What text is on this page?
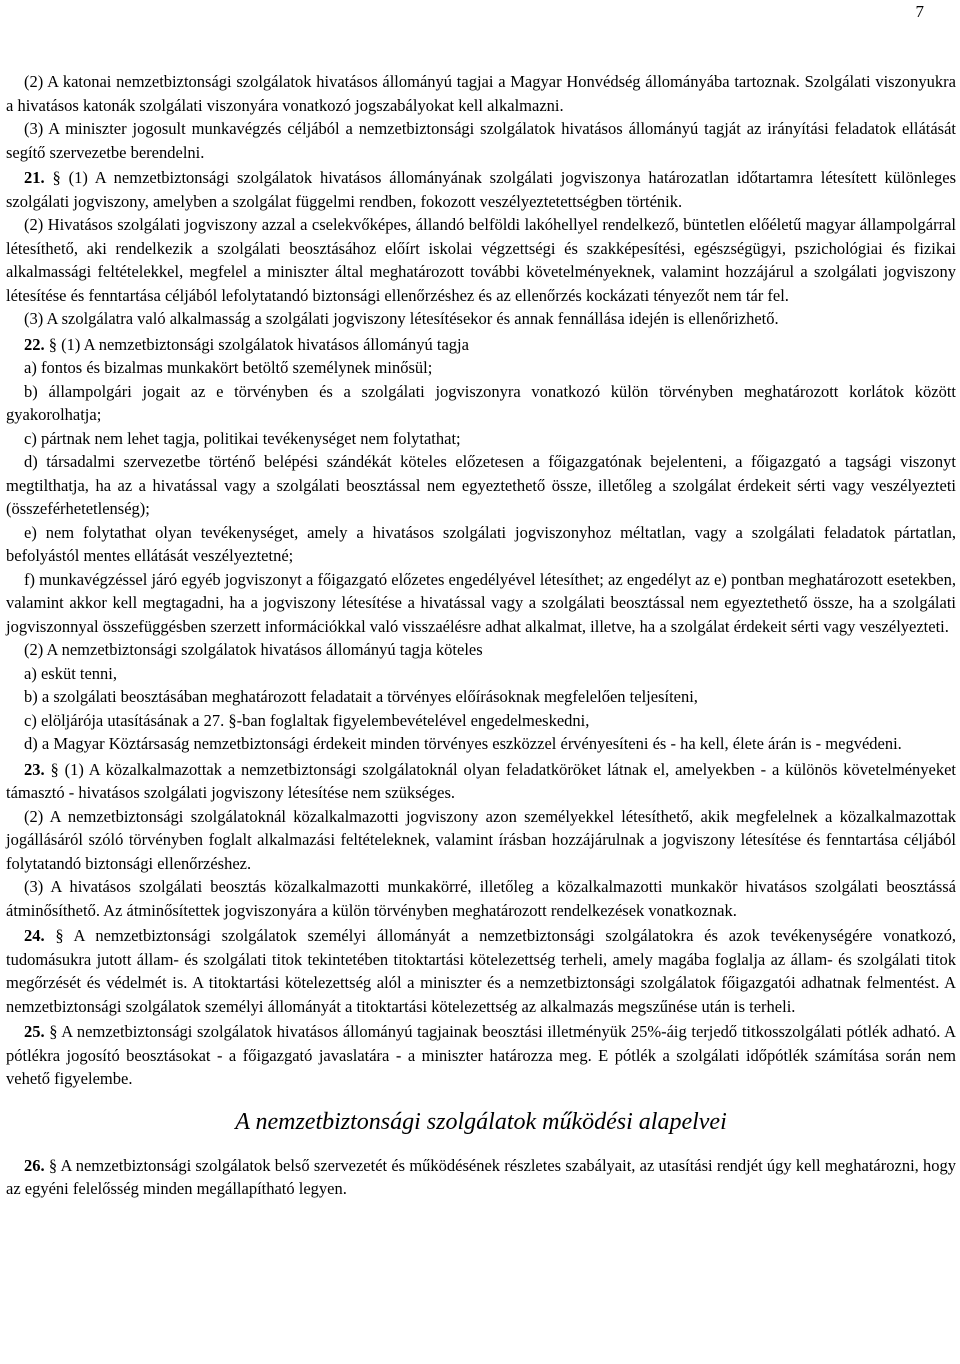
7

(2) A katonai nemzetbiztonsági szolgálatok hivatásos állományú tagjai a Magyar Honvédség állományába tartoznak. Szolgálati viszonyukra a hivatásos katonák szolgálati viszonyára vonatkozó jogszabályokat kell alkalmazni.

(3) A miniszter jogosult munkavégzés céljából a nemzetbiztonsági szolgálatok hivatásos állományú tagját az irányítási feladatok ellátását segítő szervezetbe berendelni.

21. § (1) A nemzetbiztonsági szolgálatok hivatásos állományának szolgálati jogviszonya határozatlan időtartamra létesített különleges szolgálati jogviszony, amelyben a szolgálat függelmi rendben, fokozott veszélyeztetettségben történik.

(2) Hivatásos szolgálati jogviszony azzal a cselekvőképes, állandó belföldi lakóhellyel rendelkező, büntetlen előéletű magyar állampolgárral létesíthető, aki rendelkezik a szolgálati beosztásához előírt iskolai végzettségi és szakképesítési, egészségügyi, pszichológiai és fizikai alkalmassági feltételekkel, megfelel a miniszter által meghatározott további követelményeknek, valamint hozzájárul a szolgálati jogviszony létesítése és fenntartása céljából lefolytatandó biztonsági ellenőrzéshez és az ellenőrzés kockázati tényezőt nem tár fel.

(3) A szolgálatra való alkalmasság a szolgálati jogviszony létesítésekor és annak fennállása idején is ellenőrizhető.

22. § (1) A nemzetbiztonsági szolgálatok hivatásos állományú tagja

a) fontos és bizalmas munkakört betöltő személynek minősül;

b) állampolgári jogait az e törvényben és a szolgálati jogviszonyra vonatkozó külön törvényben meghatározott korlátok között gyakorolhatja;

c) pártnak nem lehet tagja, politikai tevékenységet nem folytathat;

d) társadalmi szervezetbe történő belépési szándékát köteles előzetesen a főigazgatónak bejelenteni, a főigazgató a tagsági viszonyt megtilthatja, ha az a hivatással vagy a szolgálati beosztással nem egyeztethető össze, illetőleg a szolgálat érdekeit sérti vagy veszélyezteti (összeférhetetlenség);

e) nem folytathat olyan tevékenységet, amely a hivatásos szolgálati jogviszonyhoz méltatlan, vagy a szolgálati feladatok pártatlan, befolyástól mentes ellátását veszélyeztetné;

f) munkavégzéssel járó egyéb jogviszonyt a főigazgató előzetes engedélyével létesíthet; az engedélyt az e) pontban meghatározott esetekben, valamint akkor kell megtagadni, ha a jogviszony létesítése a hivatással vagy a szolgálati beosztással nem egyeztethető össze, ha a szolgálati jogviszonnyal összefüggésben szerzett információkkal való visszaélésre adhat alkalmat, illetve, ha a szolgálat érdekeit sérti vagy veszélyezteti.

(2) A nemzetbiztonsági szolgálatok hivatásos állományú tagja köteles

a) esküt tenni,

b) a szolgálati beosztásában meghatározott feladatait a törvényes előírásoknak megfelelően teljesíteni,

c) elöljárója utasításának a 27. §-ban foglaltak figyelembevételével engedelmeskedni,

d) a Magyar Köztársaság nemzetbiztonsági érdekeit minden törvényes eszközzel érvényesíteni és - ha kell, élete árán is - megvédeni.

23. § (1) A közalkalmazottak a nemzetbiztonsági szolgálatoknál olyan feladatköröket látnak el, amelyekben - a különös követelményeket támasztó - hivatásos szolgálati jogviszony létesítése nem szükséges.

(2) A nemzetbiztonsági szolgálatoknál közalkalmazotti jogviszony azon személyekkel létesíthető, akik megfelelnek a közalkalmazottak jogállásáról szóló törvényben foglalt alkalmazási feltételeknek, valamint írásban hozzájárulnak a jogviszony létesítése és fenntartása céljából folytatandó biztonsági ellenőrzéshez.

(3) A hivatásos szolgálati beosztás közalkalmazotti munkakörré, illetőleg a közalkalmazotti munkakör hivatásos szolgálati beosztássá átminősíthető. Az átminősítettek jogviszonyára a külön törvényben meghatározott rendelkezések vonatkoznak.

24. § A nemzetbiztonsági szolgálatok személyi állományát a nemzetbiztonsági szolgálatokra és azok tevékenységére vonatkozó, tudomásukra jutott állam- és szolgálati titok tekintetében titoktartási kötelezettség terheli, amely magába foglalja az állam- és szolgálati titok megőrzését és védelmét is. A titoktartási kötelezettség alól a miniszter és a nemzetbiztonsági szolgálatok főigazgatói adhatnak felmentést. A nemzetbiztonsági szolgálatok személyi állományát a titoktartási kötelezettség az alkalmazás megszűnése után is terheli.

25. § A nemzetbiztonsági szolgálatok hivatásos állományú tagjainak beosztási illetményük 25%-áig terjedő titkosszolgálati pótlék adható. A pótlékra jogosító beosztásokat - a főigazgató javaslatára - a miniszter határozza meg. E pótlék a szolgálati időpótlék számítása során nem vehető figyelembe.

A nemzetbiztonsági szolgálatok működési alapelvei

26. § A nemzetbiztonsági szolgálatok belső szervezetét és működésének részletes szabályait, az utasítási rendjét úgy kell meghatározni, hogy az egyéni felelősség minden megállapítható legyen.
